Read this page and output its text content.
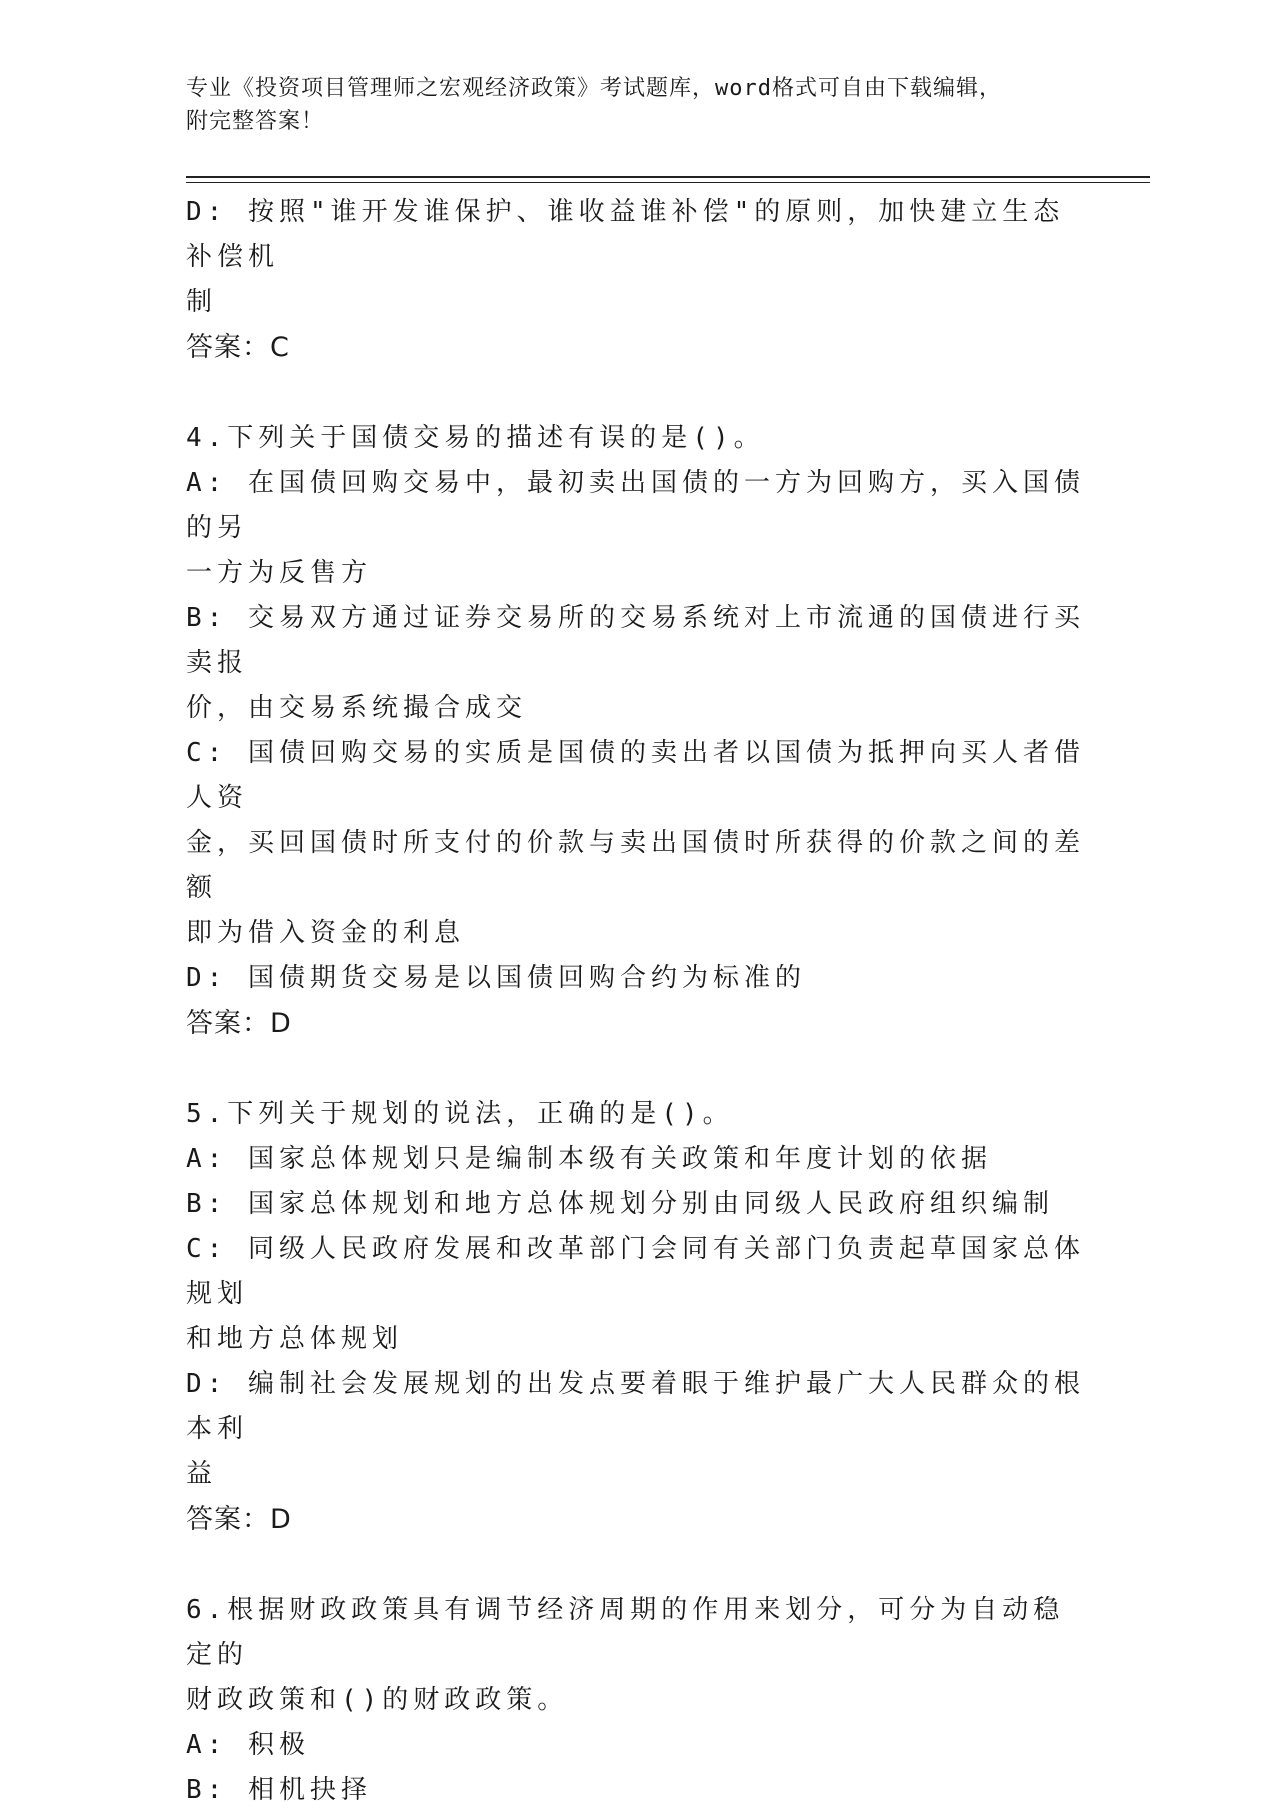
专业《投资项目管理师之宏观经济政策》考试题库，word格式可自由下载编辑，
附完整答案！
D: 按照"谁开发谁保护、谁收益谁补偿"的原则，加快建立生态补偿机
制
答案：C
4.下列关于国债交易的描述有误的是()。
A: 在国债回购交易中，最初卖出国债的一方为回购方，买入国债的另
一方为反售方
B: 交易双方通过证券交易所的交易系统对上市流通的国债进行买卖报
价，由交易系统撮合成交
C: 国债回购交易的实质是国债的卖出者以国债为抵押向买人者借人资
金，买回国债时所支付的价款与卖出国债时所获得的价款之间的差额
即为借入资金的利息
D: 国债期货交易是以国债回购合约为标准的
答案：D
5.下列关于规划的说法，正确的是()。
A: 国家总体规划只是编制本级有关政策和年度计划的依据
B: 国家总体规划和地方总体规划分别由同级人民政府组织编制
C: 同级人民政府发展和改革部门会同有关部门负责起草国家总体规划
和地方总体规划
D: 编制社会发展规划的出发点要着眼于维护最广大人民群众的根本利
益
答案：D
6.根据财政政策具有调节经济周期的作用来划分，可分为自动稳定的
财政政策和()的财政政策。
A: 积极
B: 相机抉择
